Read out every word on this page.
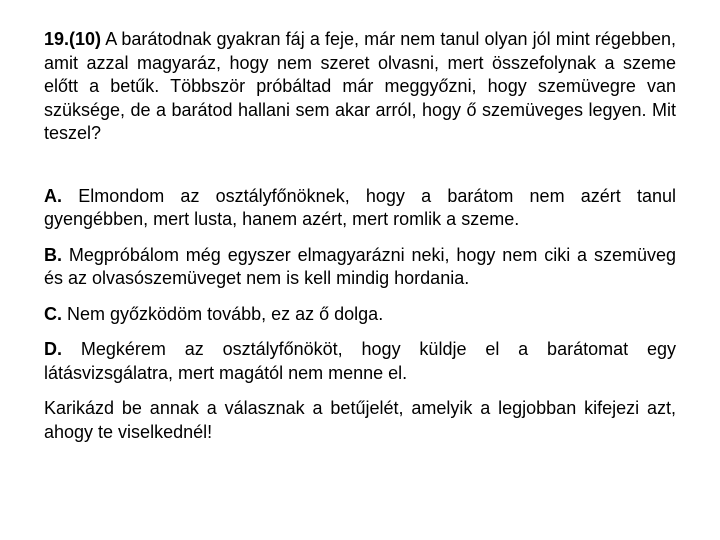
19.(10) A barátodnak gyakran fáj a feje, már nem tanul olyan jól mint régebben, amit azzal magyaráz, hogy nem szeret olvasni, mert összefolynak a szeme előtt a betűk. Többször próbáltad már meggyőzni, hogy szemüvegre van szüksége, de a barátod hallani sem akar arról, hogy ő szemüveges legyen. Mit teszel?

A. Elmondom az osztályfőnöknek, hogy a barátom nem azért tanul gyengébben, mert lusta, hanem azért, mert romlik a szeme.

B. Megpróbálom még egyszer elmagyarázni neki, hogy nem ciki a szemüveg és az olvasószemüveget nem is kell mindig hordania.

C. Nem győzködöm tovább, ez az ő dolga.

D. Megkérem az osztályfőnököt, hogy küldje el a barátomat egy látásvizsgálatra, mert magától nem menne el.

Karikázd be annak a válasznak a betűjelét, amelyik a legjobban kifejezi azt, ahogy te viselkednél!
